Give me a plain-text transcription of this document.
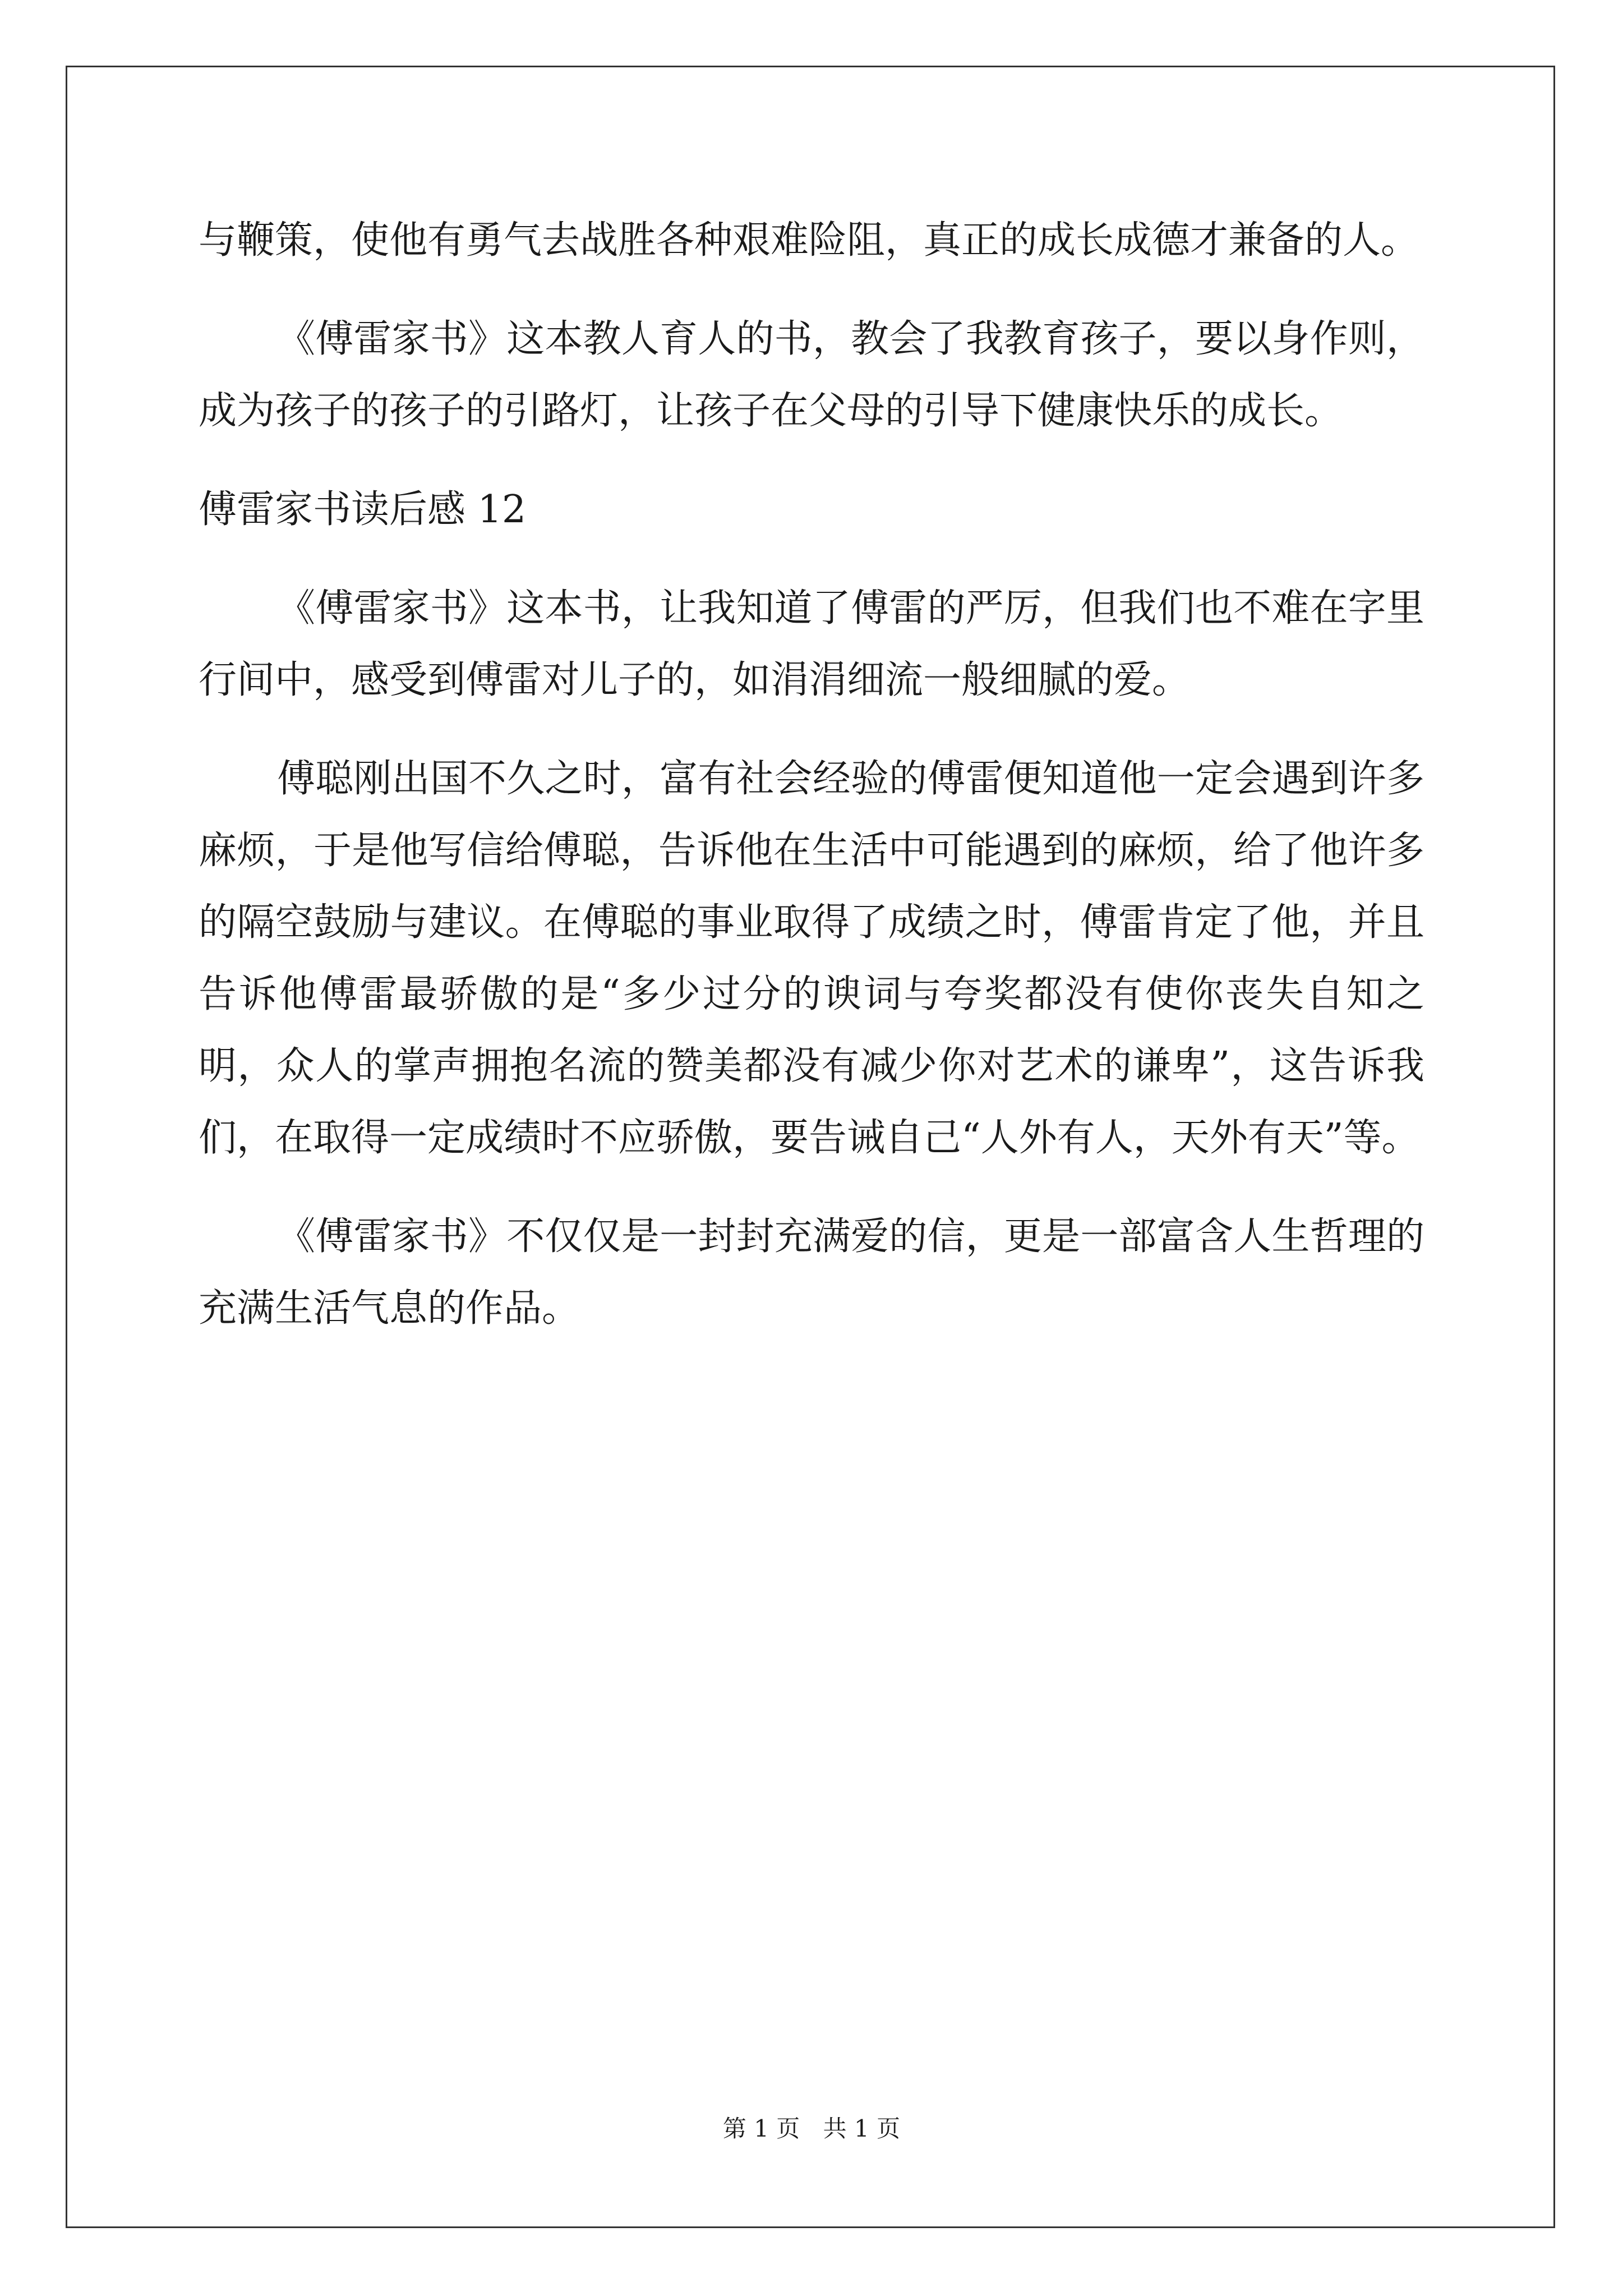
与鞭策，使他有勇气去战胜各种艰难险阻，真正的成长成德才兼备的人。

《傅雷家书》这本教人育人的书，教会了我教育孩子，要以身作则，成为孩子的孩子的引路灯，让孩子在父母的引导下健康快乐的成长。

傅雷家书读后感 12

《傅雷家书》这本书，让我知道了傅雷的严厉，但我们也不难在字里行间中，感受到傅雷对儿子的，如涓涓细流一般细腻的爱。

傅聪刚出国不久之时，富有社会经验的傅雷便知道他一定会遇到许多麻烦，于是他写信给傅聪，告诉他在生活中可能遇到的麻烦，给了他许多的隔空鼓励与建议。在傅聪的事业取得了成绩之时，傅雷肯定了他，并且告诉他傅雷最骄傲的是“多少过分的谀词与夸奖都没有使你丧失自知之明，众人的掌声拥抱名流的赞美都没有减少你对艺术的谦卑”，这告诉我们，在取得一定成绩时不应骄傲，要告诫自己“人外有人，天外有天”等。

《傅雷家书》不仅仅是一封封充满爱的信，更是一部富含人生哲理的充满生活气息的作品。

第 1 页 共 1 页
